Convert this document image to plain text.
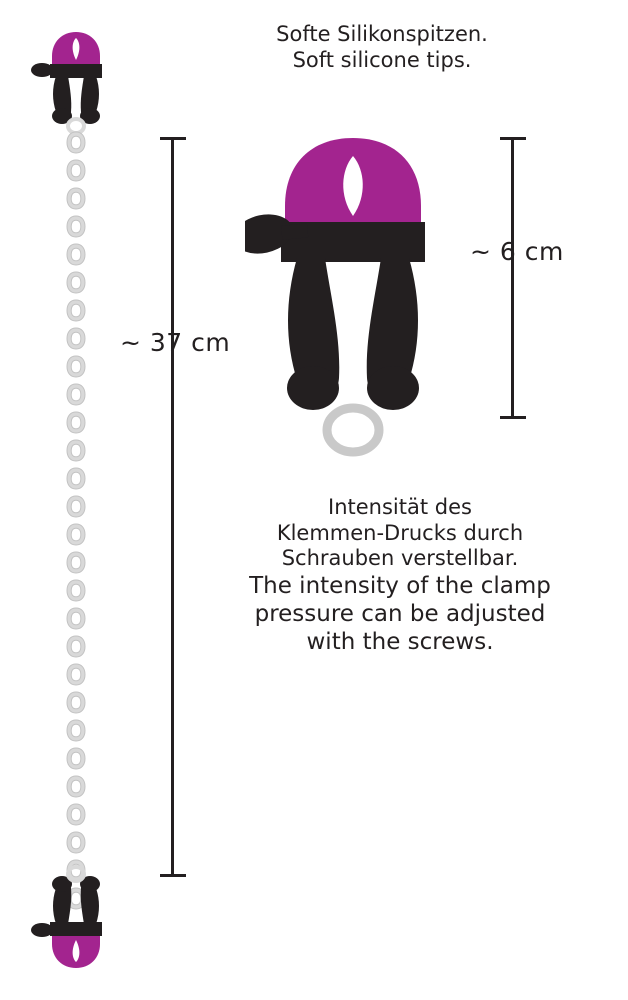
~ 37 cm
Softe Silikonspitzen.
Soft silicone tips.
~ 6 cm
Intensität des
Klemmen-Drucks durch
Schrauben verstellbar.
The intensity of the clamp
pressure can be adjusted
with the screws.
